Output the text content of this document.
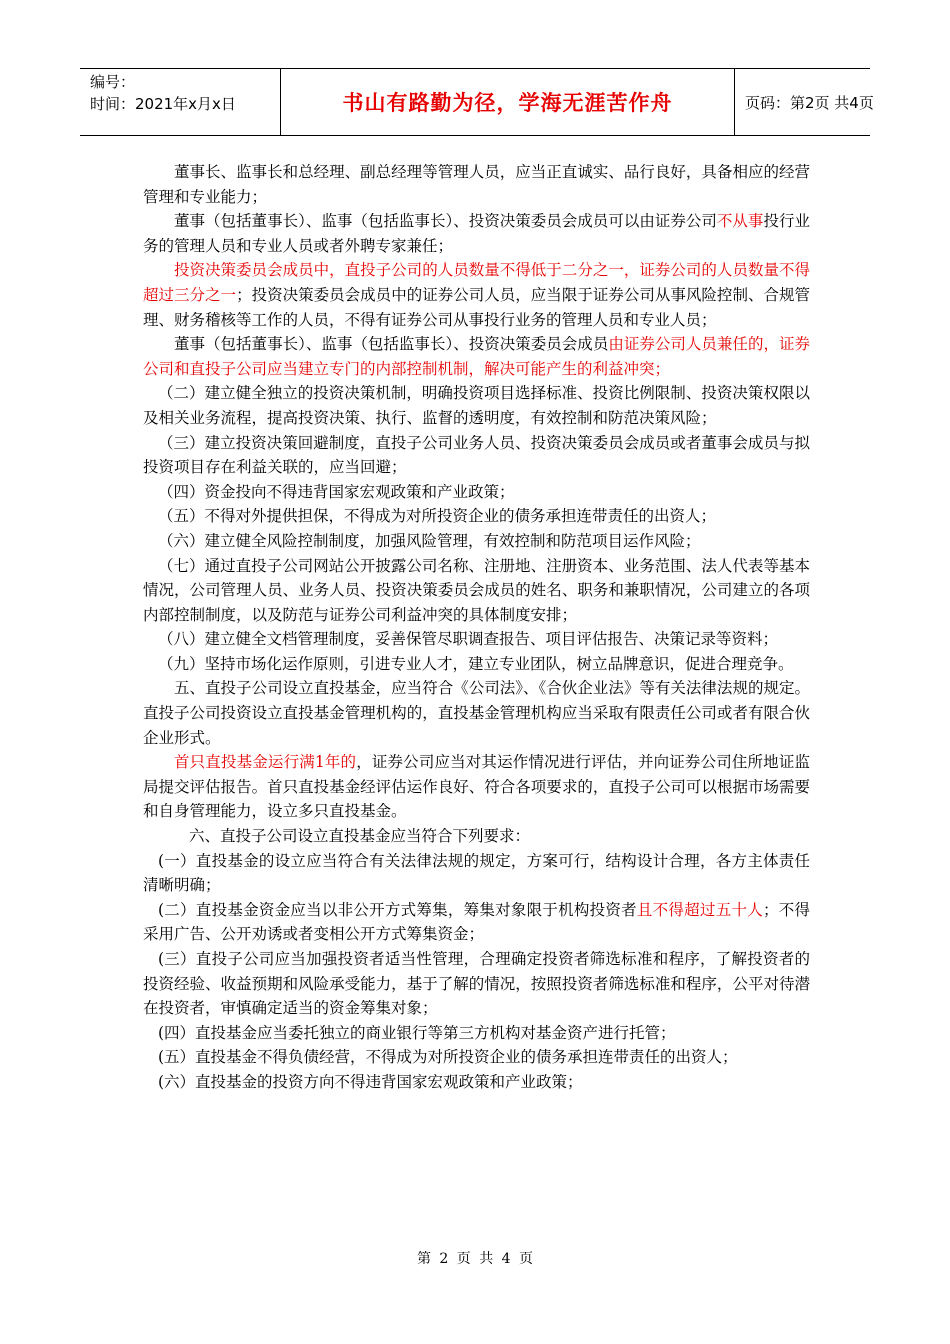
编号：
时间：2021年x月x日	书山有路勤为径，学海无涯苦作舟	页码：第2页 共4页

董事长、监事长和总经理、副总经理等管理人员，应当正直诚实、品行良好，具备相应的经营管理和专业能力；

董事（包括董事长）、监事（包括监事长）、投资决策委员会成员可以由证券公司不从事投行业务的管理人员和专业人员或者外聘专家兼任；

投资决策委员会成员中，直投子公司的人员数量不得低于二分之一，证券公司的人员数量不得超过三分之一；投资决策委员会成员中的证券公司人员，应当限于证券公司从事风险控制、合规管理、财务稽核等工作的人员，不得有证券公司从事投行业务的管理人员和专业人员；

董事（包括董事长）、监事（包括监事长）、投资决策委员会成员由证券公司人员兼任的，证券公司和直投子公司应当建立专门的内部控制机制，解决可能产生的利益冲突；

（二）建立健全独立的投资决策机制，明确投资项目选择标准、投资比例限制、投资决策权限以及相关业务流程，提高投资决策、执行、监督的透明度，有效控制和防范决策风险；

（三）建立投资决策回避制度，直投子公司业务人员、投资决策委员会成员或者董事会成员与拟投资项目存在利益关联的，应当回避；

（四）资金投向不得违背国家宏观政策和产业政策；

（五）不得对外提供担保，不得成为对所投资企业的债务承担连带责任的出资人；

（六）建立健全风险控制制度，加强风险管理，有效控制和防范项目运作风险；

（七）通过直投子公司网站公开披露公司名称、注册地、注册资本、业务范围、法人代表等基本情况，公司管理人员、业务人员、投资决策委员会成员的姓名、职务和兼职情况，公司建立的各项内部控制制度，以及防范与证券公司利益冲突的具体制度安排；

（八）建立健全文档管理制度，妥善保管尽职调查报告、项目评估报告、决策记录等资料；

（九）坚持市场化运作原则，引进专业人才，建立专业团队，树立品牌意识，促进合理竞争。

五、直投子公司设立直投基金，应当符合《公司法》、《合伙企业法》等有关法律法规的规定。直投子公司投资设立直投基金管理机构的，直投基金管理机构应当采取有限责任公司或者有限合伙企业形式。

首只直投基金运行满1年的，证券公司应当对其运作情况进行评估，并向证券公司住所地证监局提交评估报告。首只直投基金经评估运作良好、符合各项要求的，直投子公司可以根据市场需要和自身管理能力，设立多只直投基金。

六、直投子公司设立直投基金应当符合下列要求：

(一）直投基金的设立应当符合有关法律法规的规定，方案可行，结构设计合理，各方主体责任清晰明确；

(二）直投基金资金应当以非公开方式筹集，筹集对象限于机构投资者且不得超过五十人；不得采用广告、公开劝诱或者变相公开方式筹集资金；

(三）直投子公司应当加强投资者适当性管理，合理确定投资者筛选标准和程序，了解投资者的投资经验、收益预期和风险承受能力，基于了解的情况，按照投资者筛选标准和程序，公平对待潜在投资者，审慎确定适当的资金筹集对象；

(四）直投基金应当委托独立的商业银行等第三方机构对基金资产进行托管；

(五）直投基金不得负债经营，不得成为对所投资企业的债务承担连带责任的出资人；

(六）直投基金的投资方向不得违背国家宏观政策和产业政策；

第 2 页 共 4 页
